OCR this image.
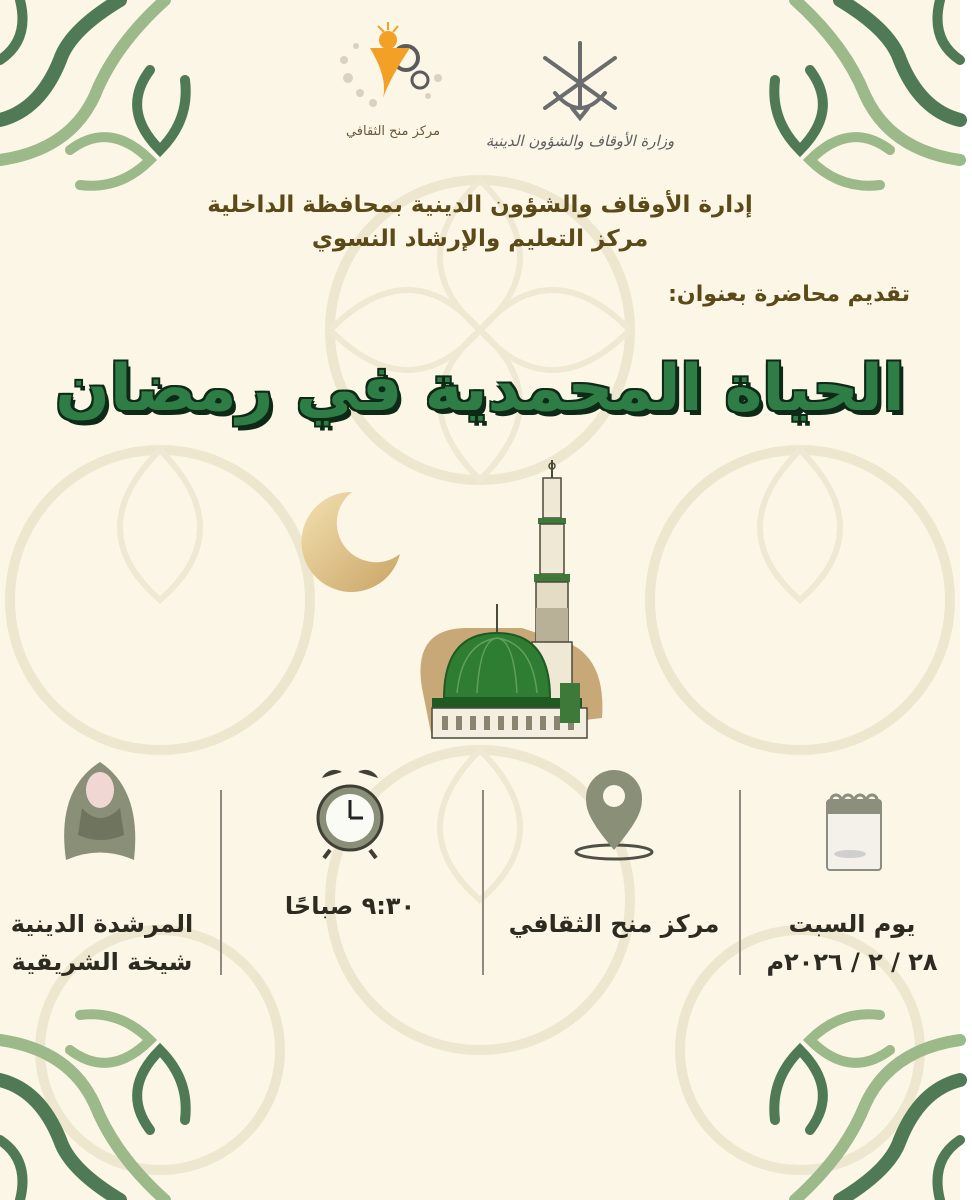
وزارة الأوقاف والشؤون الدينية
مركز منح الثقافي
إدارة الأوقاف والشؤون الدينية بمحافظة الداخلية
مركز التعليم والإرشاد النسوي
تقديم محاضرة بعنوان:
الحياة المحمدية في رمضان
يوم السبت
٢٨ / ٢ / ٢٠٢٦م
مركز منح الثقافي
٩:٣٠ صباحًا
المرشدة الدينية
شيخة الشريقية
